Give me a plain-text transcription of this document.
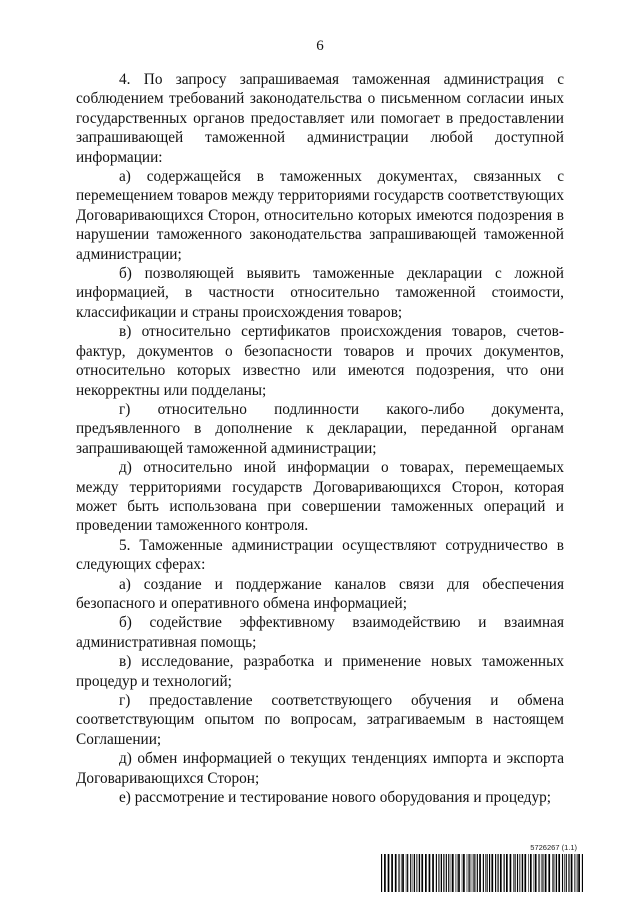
6

4. По запросу запрашиваемая таможенная администрация с соблюдением требований законодательства о письменном согласии иных государственных органов предоставляет или помогает в предоставлении запрашивающей таможенной администрации любой доступной информации:

а) содержащейся в таможенных документах, связанных с перемещением товаров между территориями государств соответствующих Договаривающихся Сторон, относительно которых имеются подозрения в нарушении таможенного законодательства запрашивающей таможенной администрации;

б) позволяющей выявить таможенные декларации с ложной информацией, в частности относительно таможенной стоимости, классификации и страны происхождения товаров;

в) относительно сертификатов происхождения товаров, счетов-фактур, документов о безопасности товаров и прочих документов, относительно которых известно или имеются подозрения, что они некорректны или подделаны;

г) относительно подлинности какого-либо документа, предъявленного в дополнение к декларации, переданной органам запрашивающей таможенной администрации;

д) относительно иной информации о товарах, перемещаемых между территориями государств Договаривающихся Сторон, которая может быть использована при совершении таможенных операций и проведении таможенного контроля.

5. Таможенные администрации осуществляют сотрудничество в следующих сферах:

а) создание и поддержание каналов связи для обеспечения безопасного и оперативного обмена информацией;

б) содействие эффективному взаимодействию и взаимная административная помощь;

в) исследование, разработка и применение новых таможенных процедур и технологий;

г) предоставление соответствующего обучения и обмена соответствующим опытом по вопросам, затрагиваемым в настоящем Соглашении;

д) обмен информацией о текущих тенденциях импорта и экспорта Договаривающихся Сторон;

е) рассмотрение и тестирование нового оборудования и процедур;

5726267 (1.1)
